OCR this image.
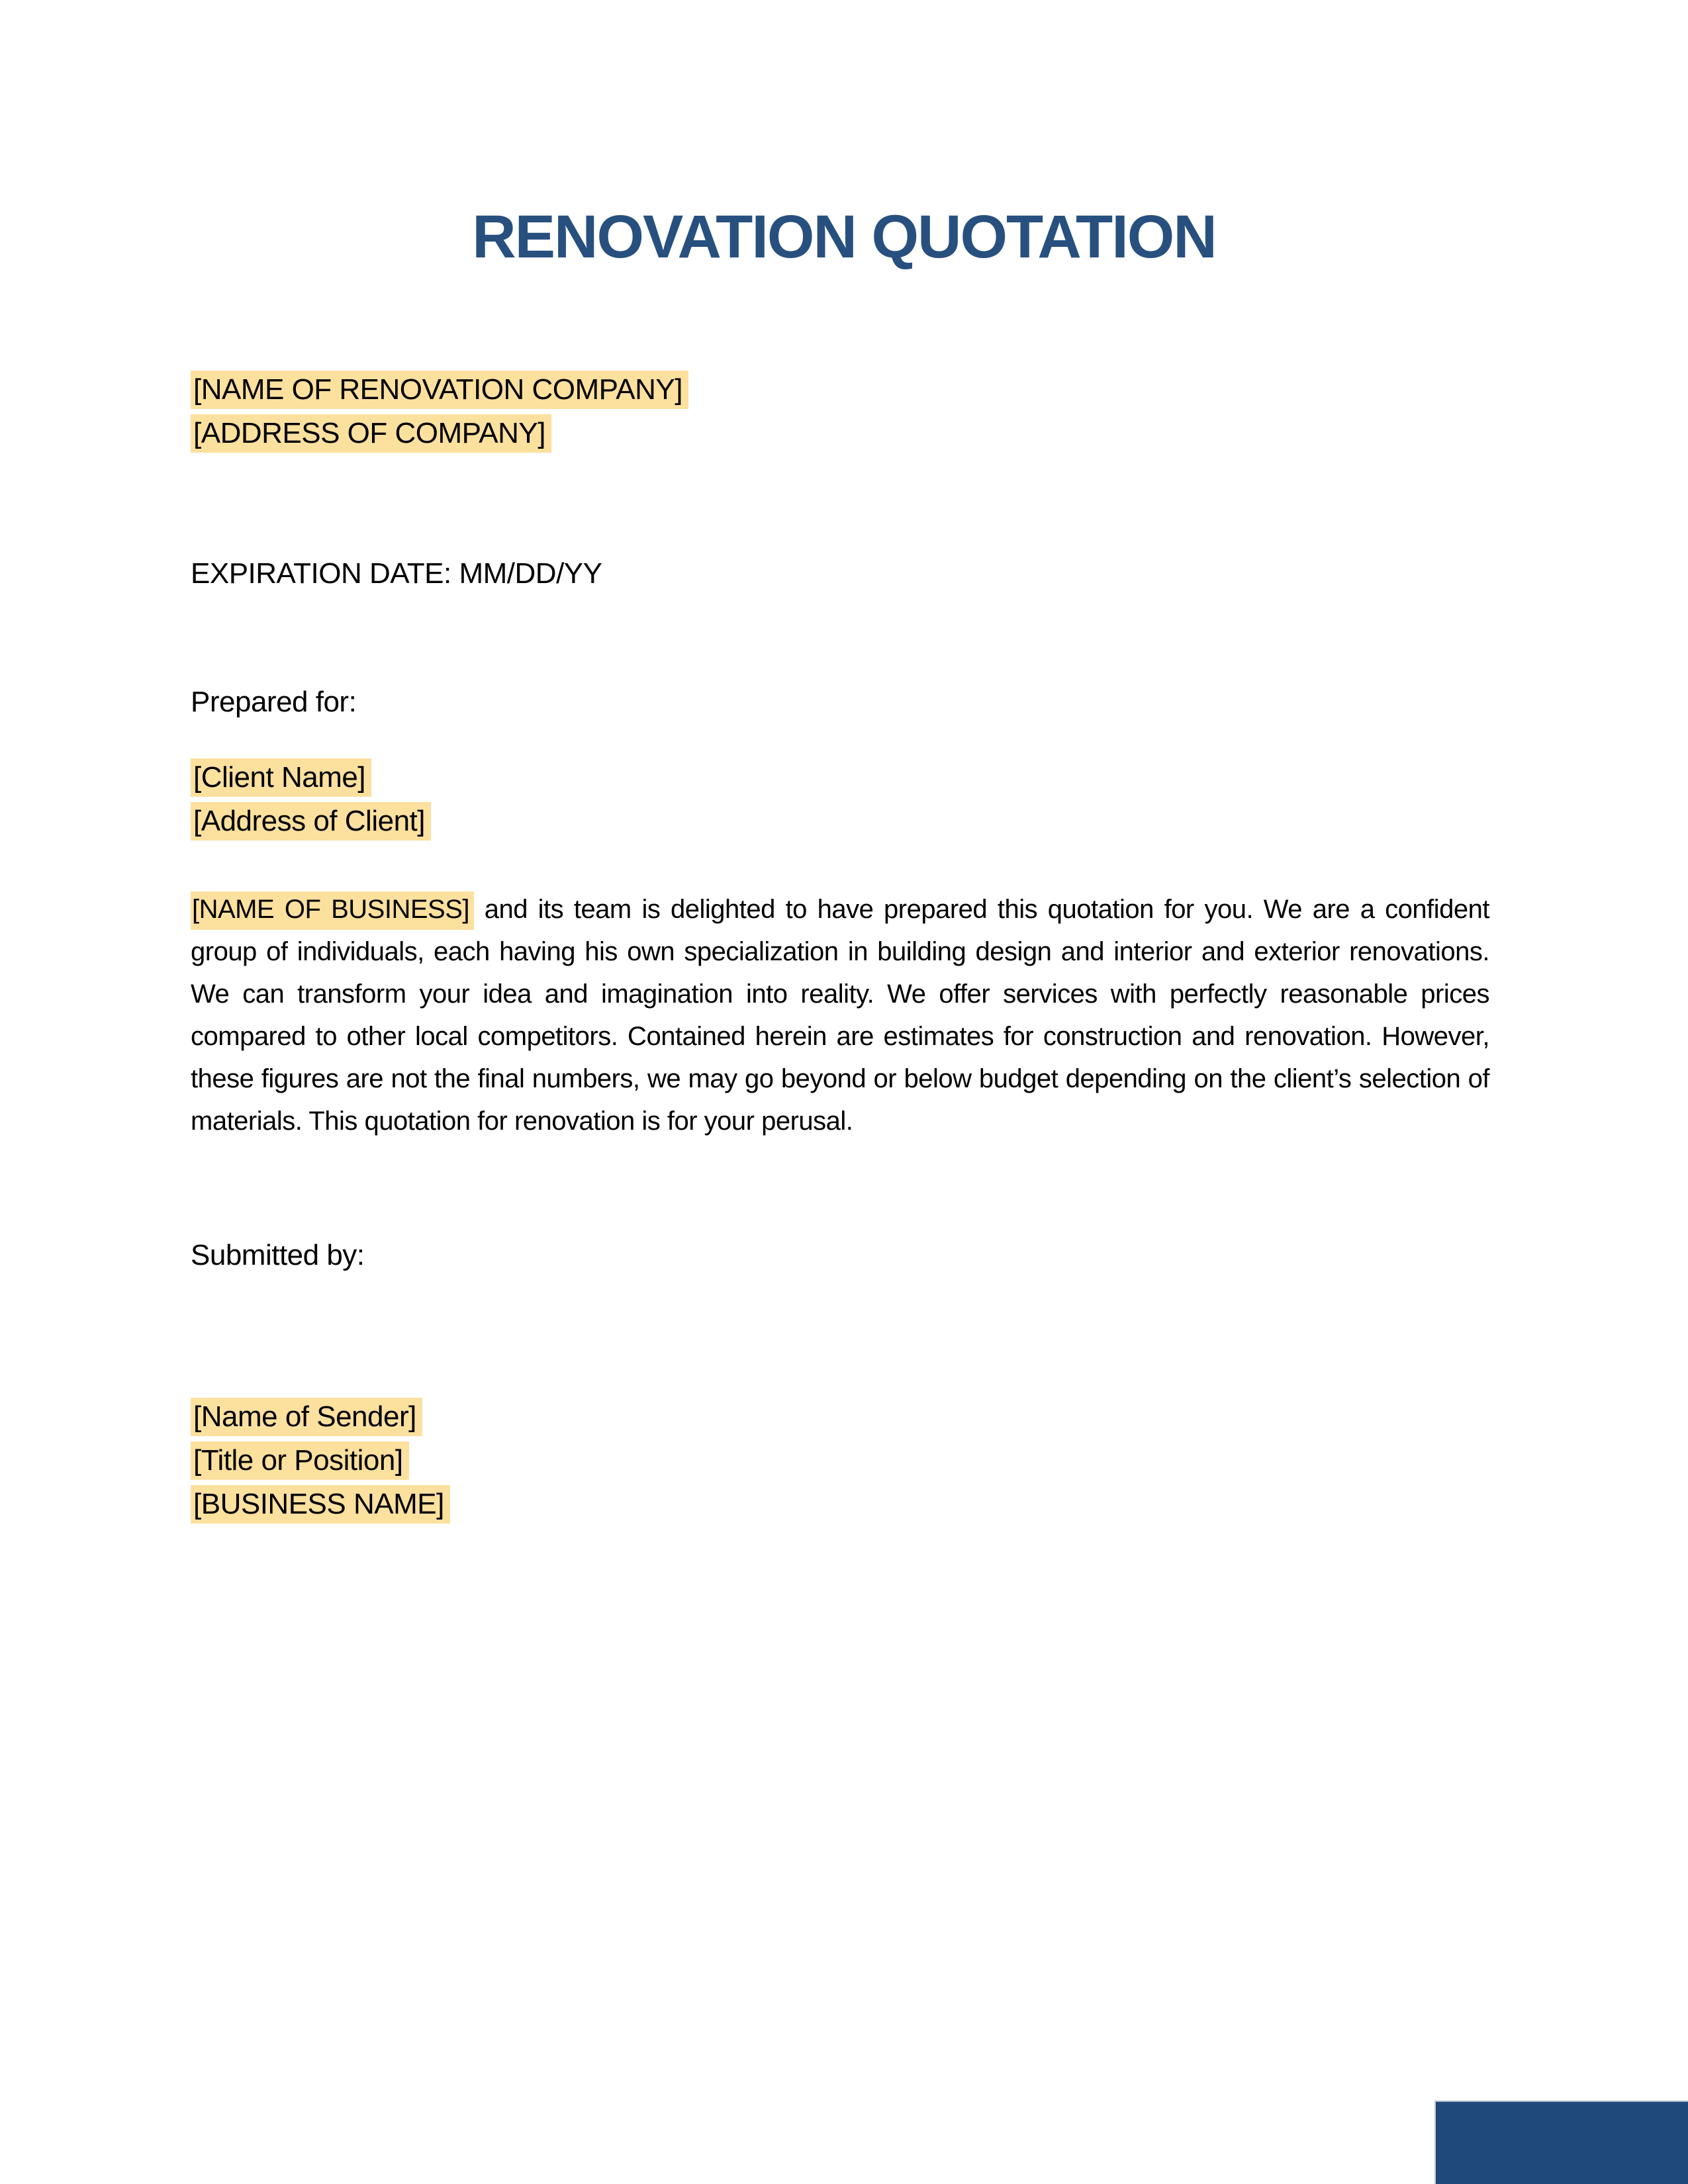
RENOVATION QUOTATION
[NAME OF RENOVATION COMPANY]
[ADDRESS OF COMPANY]
EXPIRATION DATE: MM/DD/YY
Prepared for:
[Client Name]
[Address of Client]
[NAME OF BUSINESS] and its team is delighted to have prepared this quotation for you. We are a confident group of individuals, each having his own specialization in building design and interior and exterior renovations. We can transform your idea and imagination into reality. We offer services with perfectly reasonable prices compared to other local competitors. Contained herein are estimates for construction and renovation. However, these figures are not the final numbers, we may go beyond or below budget depending on the client’s selection of materials. This quotation for renovation is for your perusal.
Submitted by:
[Name of Sender]
[Title or Position]
[BUSINESS NAME]
